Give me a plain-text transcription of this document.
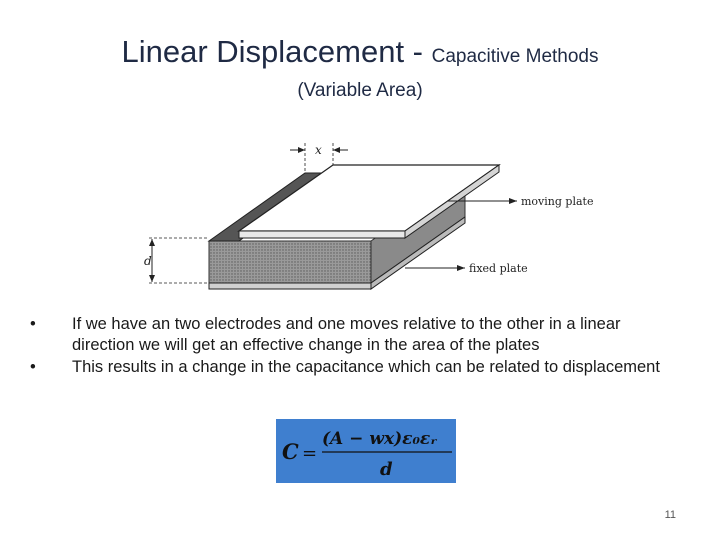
Linear Displacement - Capacitive Methods
(Variable Area)
x
d
moving plate
fixed plate
•	If we have an two electrodes and one moves relative to the other in a linear direction we will get an effective change in the area of the plates
•	This results in a change in the capacitance which can be related to displacement
C =
(A − wx)ε₀εᵣ
d
11
